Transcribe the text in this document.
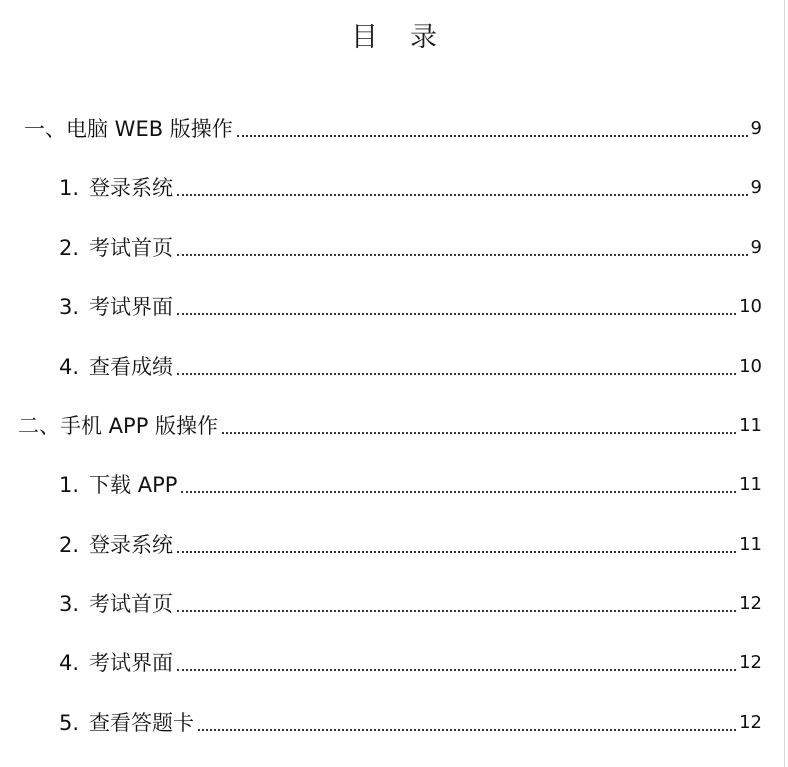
目 录
一、电脑 WEB 版操作	9
1. 登录系统	9
2. 考试首页	9
3. 考试界面	10
4. 查看成绩	10
二、手机 APP 版操作	11
1. 下载 APP	11
2. 登录系统	11
3. 考试首页	12
4. 考试界面	12
5. 查看答题卡	12
